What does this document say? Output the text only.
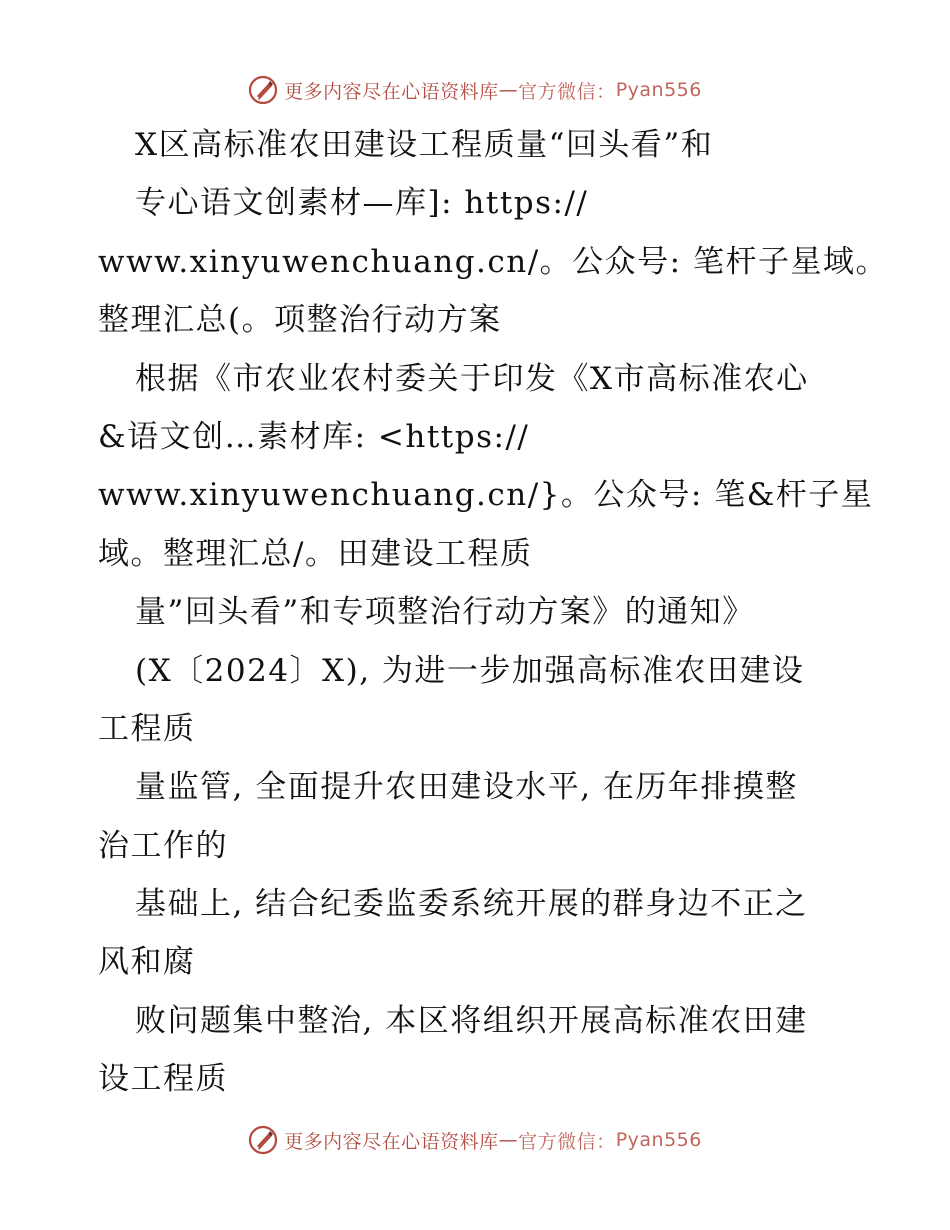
更多内容尽在心语资料库 — 官方微信： Pyan556
X区高标准农田建设工程质量“回头看”和
专心语文创素材—库]: https://
www.xinyuwenchuang.cn/。公众号: 笔杆子星域。
整理汇总(。项整治行动方案
根据《市农业农村委关于印发《X市高标准农心
&语文创…素材库: <https://
www.xinyuwenchuang.cn/}。公众号: 笔&杆子星
域。整理汇总/。田建设工程质
量”回头看”和专项整治行动方案》的通知》
(X〔2024〕X), 为进一步加强高标准农田建设
工程质
量监管, 全面提升农田建设水平, 在历年排摸整
治工作的
基础上, 结合纪委监委系统开展的群身边不正之
风和腐
败问题集中整治, 本区将组织开展高标准农田建
设工程质
更多内容尽在心语资料库 — 官方微信： Pyan556
